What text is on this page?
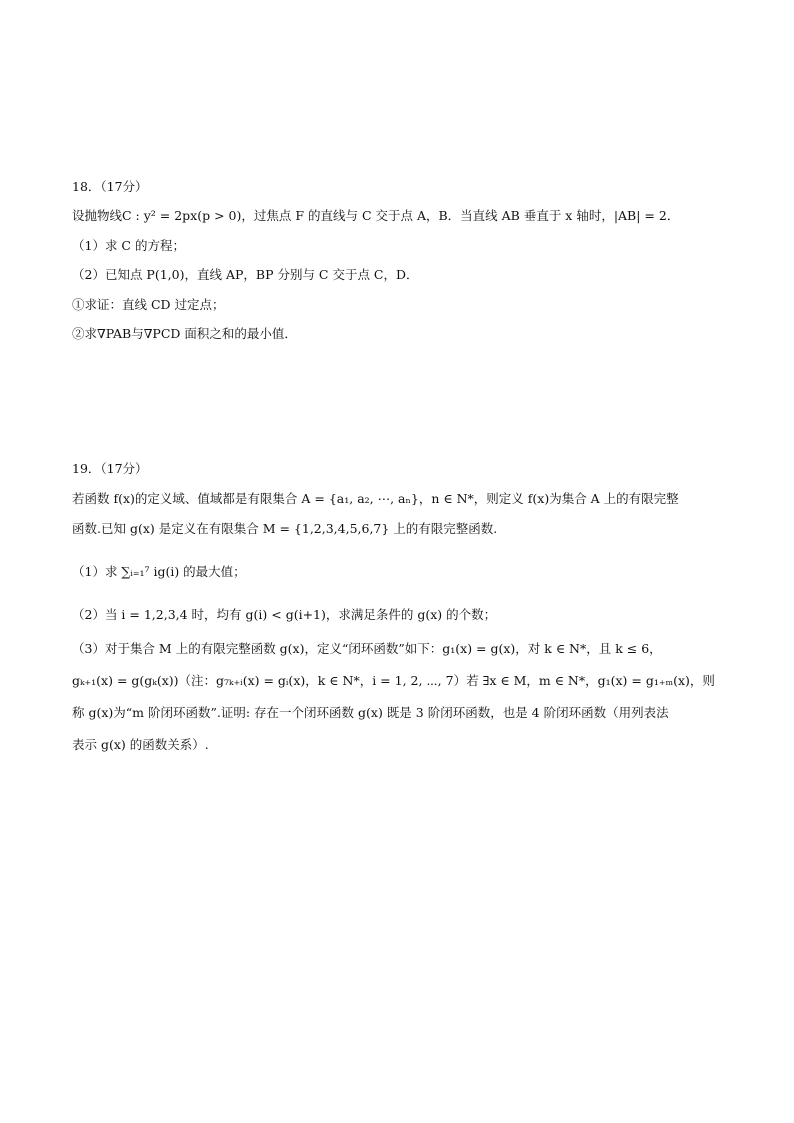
18．（17分）
设抛物线C : y² = 2px(p > 0)，过焦点 F 的直线与 C 交于点 A，B．当直线 AB 垂直于 x 轴时，|AB| = 2．
（1）求 C 的方程；
（2）已知点 P(1,0)，直线 AP，BP 分别与 C 交于点 C，D．
①求证：直线 CD 过定点；
②求∇PAB与∇PCD 面积之和的最小值．
19．（17分）
若函数 f(x)的定义域、值域都是有限集合 A = {a₁, a₂, ⋯, aₙ}，n ∈ N*，则定义 f(x)为集合 A 上的有限完整
函数.已知 g(x) 是定义在有限集合 M = {1,2,3,4,5,6,7} 上的有限完整函数.
（1）求 ∑ᵢ₌₁⁷ ig(i) 的最大值；
（2）当 i = 1,2,3,4 时，均有 g(i) < g(i+1)，求满足条件的 g(x) 的个数；
（3）对于集合 M 上的有限完整函数 g(x)，定义“闭环函数”如下：g₁(x) = g(x)，对 k ∈ N*，且 k ≤ 6，
gₖ₊₁(x) = g(gₖ(x))（注：g₇ₖ₊ᵢ(x) = gᵢ(x)，k ∈ N*，i = 1, 2, ⋯, 7）若 ∃x ∈ M，m ∈ N*，g₁(x) = g₁₊ₘ(x)，则
称 g(x)为“m 阶闭环函数”.证明: 存在一个闭环函数 g(x) 既是 3 阶闭环函数，也是 4 阶闭环函数（用列表法
表示 g(x) 的函数关系）.
